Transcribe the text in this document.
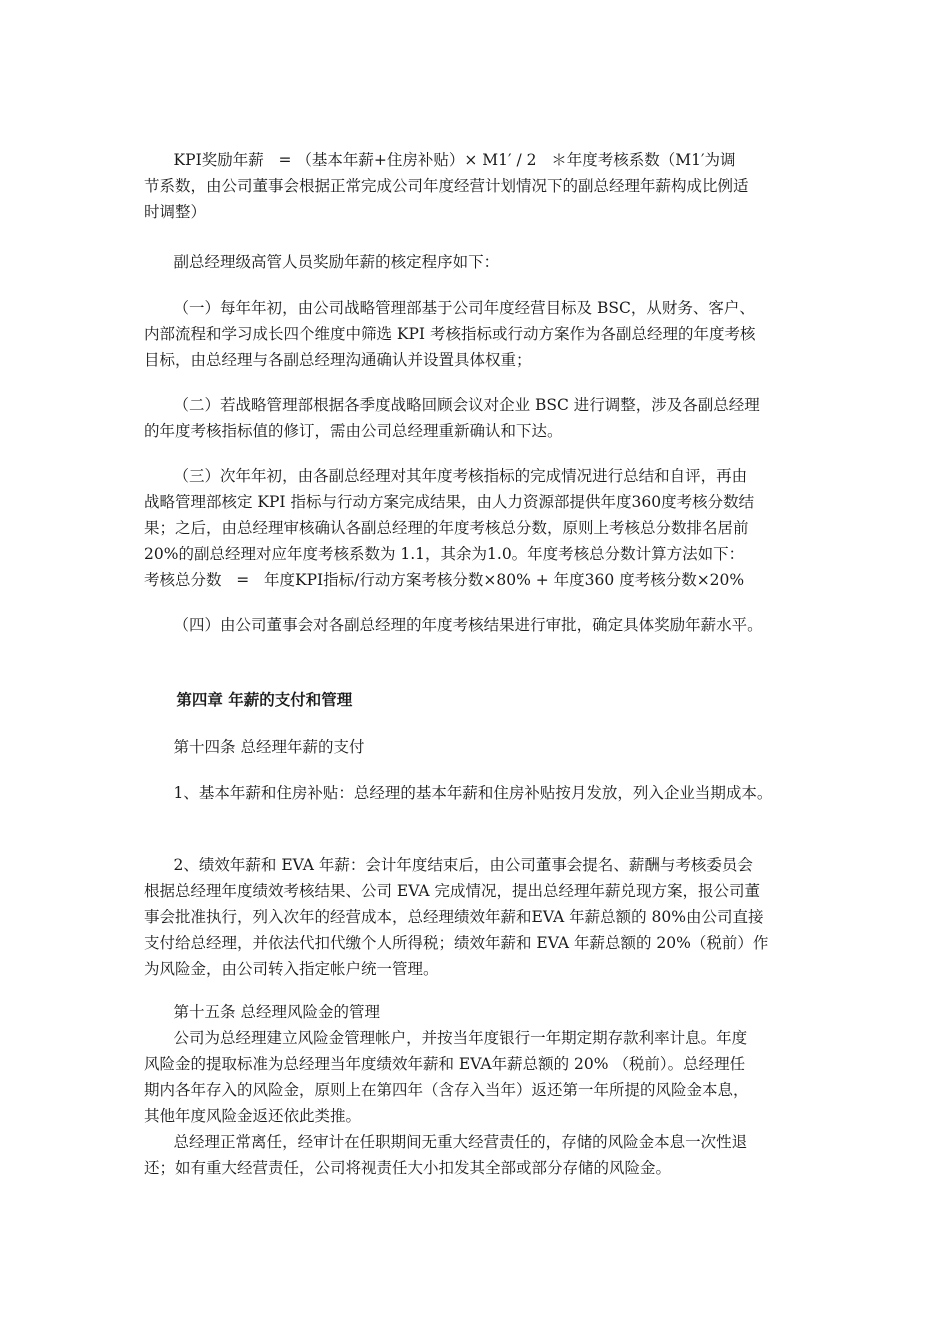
KPI奖励年薪   = （基本年薪+住房补贴）× M1′ / 2   ＊年度考核系数（M1′为调
节系数，由公司董事会根据正常完成公司年度经营计划情况下的副总经理年薪构成比例适
时调整）
副总经理级高管人员奖励年薪的核定程序如下：
（一）每年年初，由公司战略管理部基于公司年度经营目标及 BSC，从财务、客户、
内部流程和学习成长四个维度中筛选 KPI 考核指标或行动方案作为各副总经理的年度考核
目标，由总经理与各副总经理沟通确认并设置具体权重；
（二）若战略管理部根据各季度战略回顾会议对企业 BSC 进行调整，涉及各副总经理
的年度考核指标值的修订，需由公司总经理重新确认和下达。
（三）次年年初，由各副总经理对其年度考核指标的完成情况进行总结和自评，再由
战略管理部核定 KPI 指标与行动方案完成结果，由人力资源部提供年度360度考核分数结
果；之后，由总经理审核确认各副总经理的年度考核总分数，原则上考核总分数排名居前
20%的副总经理对应年度考核系数为 1.1，其余为1.0。年度考核总分数计算方法如下：
考核总分数   =   年度KPI指标/行动方案考核分数×80% + 年度360 度考核分数×20%
（四）由公司董事会对各副总经理的年度考核结果进行审批，确定具体奖励年薪水平。
第四章 年薪的支付和管理
第十四条 总经理年薪的支付
1、基本年薪和住房补贴：总经理的基本年薪和住房补贴按月发放，列入企业当期成本。
2、绩效年薪和 EVA 年薪：会计年度结束后，由公司董事会提名、薪酬与考核委员会
根据总经理年度绩效考核结果、公司 EVA 完成情况，提出总经理年薪兑现方案，报公司董
事会批准执行，列入次年的经营成本，总经理绩效年薪和EVA 年薪总额的 80%由公司直接
支付给总经理，并依法代扣代缴个人所得税；绩效年薪和 EVA 年薪总额的 20%（税前）作
为风险金，由公司转入指定帐户统一管理。
第十五条 总经理风险金的管理
公司为总经理建立风险金管理帐户，并按当年度银行一年期定期存款利率计息。年度
风险金的提取标准为总经理当年度绩效年薪和 EVA年薪总额的 20% （税前）。总经理任
期内各年存入的风险金，原则上在第四年（含存入当年）返还第一年所提的风险金本息，
其他年度风险金返还依此类推。
总经理正常离任，经审计在任职期间无重大经营责任的，存储的风险金本息一次性退
还；如有重大经营责任，公司将视责任大小扣发其全部或部分存储的风险金。
